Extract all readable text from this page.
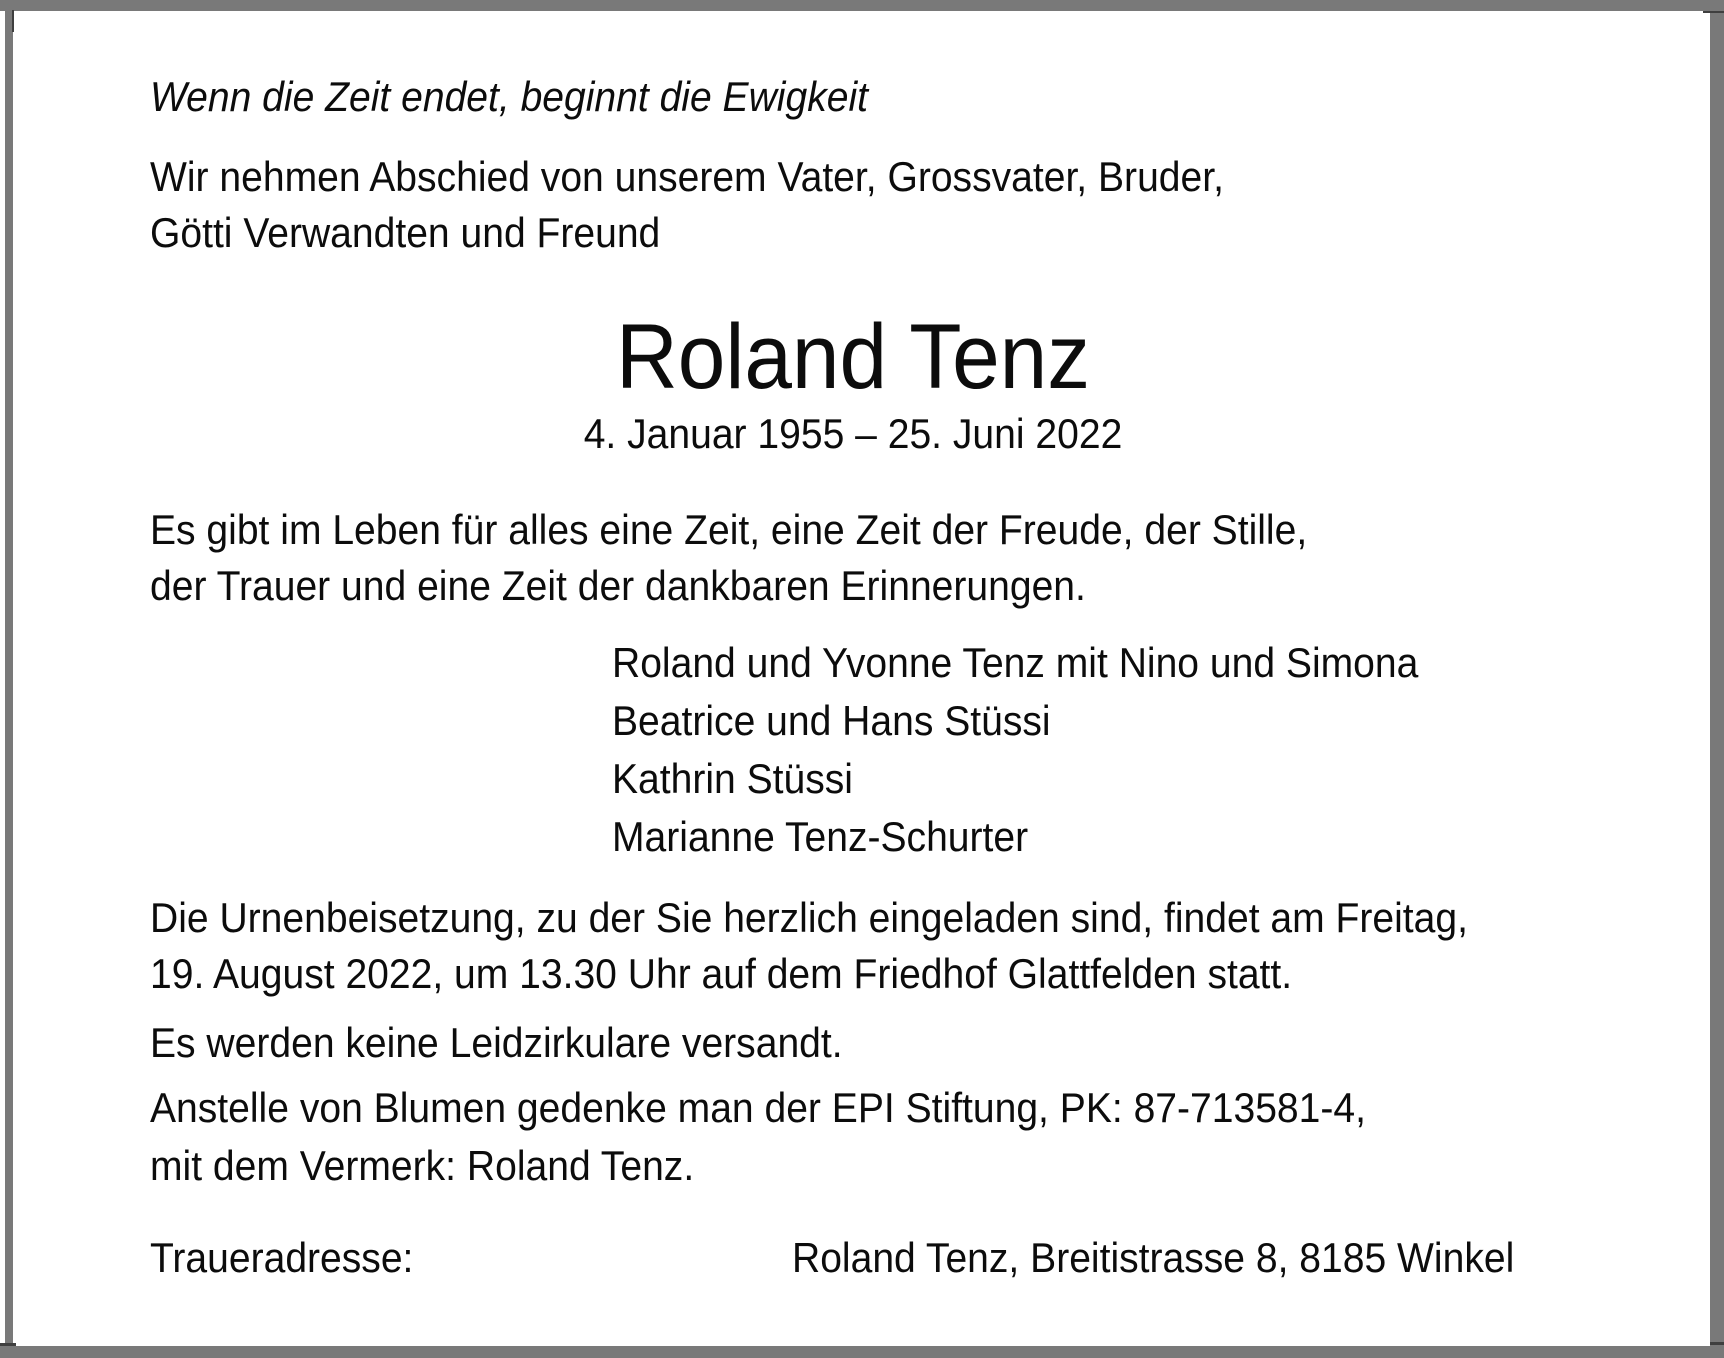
Wenn die Zeit endet, beginnt die Ewigkeit
Wir nehmen Abschied von unserem Vater, Grossvater, Bruder,
Götti Verwandten und Freund
Roland Tenz
4. Januar 1955 – 25. Juni 2022
Es gibt im Leben für alles eine Zeit, eine Zeit der Freude, der Stille,
der Trauer und eine Zeit der dankbaren Erinnerungen.
Roland und Yvonne Tenz mit Nino und Simona
Beatrice und Hans Stüssi
Kathrin Stüssi
Marianne Tenz-Schurter
Die Urnenbeisetzung, zu der Sie herzlich eingeladen sind, findet am Freitag,
19. August 2022, um 13.30 Uhr auf dem Friedhof Glattfelden statt.
Es werden keine Leidzirkulare versandt.
Anstelle von Blumen gedenke man der EPI Stiftung, PK: 87-713581-4,
mit dem Vermerk: Roland Tenz.
Traueradresse:	Roland Tenz, Breitistrasse 8, 8185 Winkel
